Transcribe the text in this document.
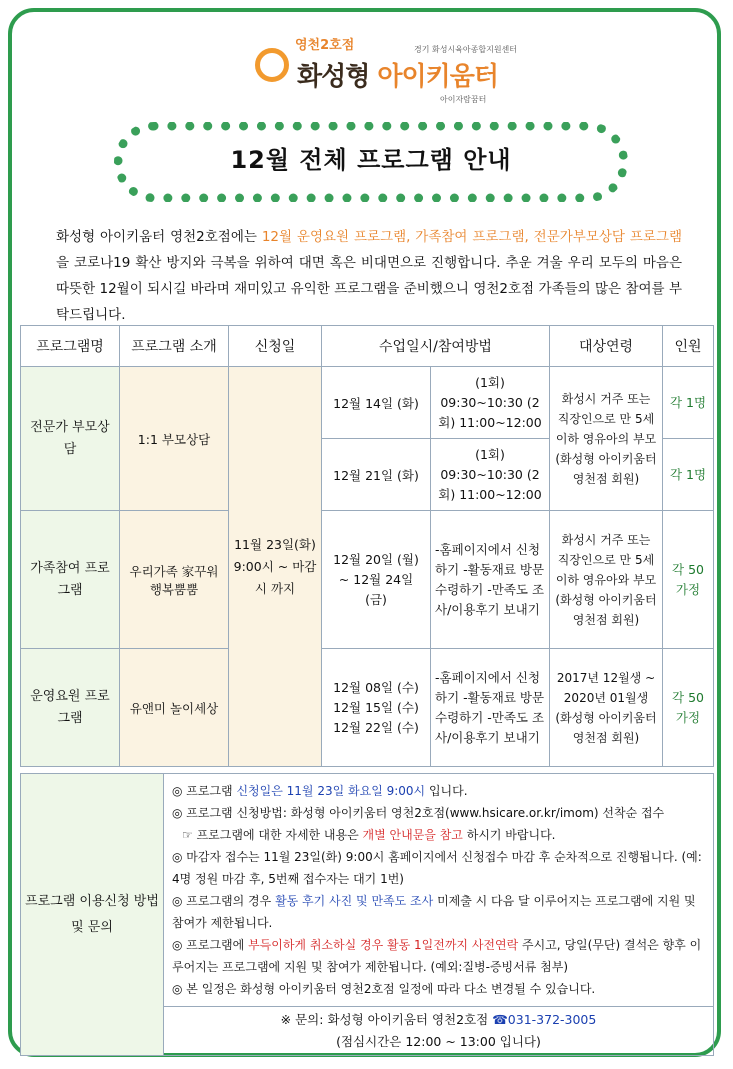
영천2호점
화성형 아이키움터
아이자람꿈터
경기 화성시육아종합지원센터
12월 전체 프로그램 안내
화성형 아이키움터 영천2호점에는 12월 운영요원 프로그램, 가족참여 프로그램, 전문가부모상담 프로그램을 코로나19 확산 방지와 극복을 위하여 대면 혹은 비대면으로 진행합니다. 추운 겨울 우리 모두의 마음은 따뜻한 12월이 되시길 바라며 재미있고 유익한 프로그램을 준비했으니 영천2호점 가족들의 많은 참여를 부탁드립니다.
프로그램명	프로그램 소개	신청일	수업일시/참여방법		대상연령	인원
전문가 부모상담	1:1 부모상담	11월 23일(화) 9:00시 ~ 마감 시 까지	12월 14일 (화)	(1회) 09:30~10:30 (2회) 11:00~12:00	화성시 거주 또는 직장인으로 만 5세 이하 영유아의 부모 (화성형 아이키움터 영천점 회원)	각 1명
			12월 21일 (화)	(1회) 09:30~10:30 (2회) 11:00~12:00		각 1명
가족참여 프로그램	우리가족 家꾸워 행복뿜뿜		12월 20일 (월) ~ 12월 24일 (금)	-홈페이지에서 신청하기 -활동재료 방문 수령하기 -만족도 조사/이용후기 보내기	화성시 거주 또는 직장인으로 만 5세 이하 영유아와 부모 (화성형 아이키움터 영천점 회원)	각 50 가정
운영요원 프로그램	유앤미 놀이세상		12월 08일 (수) 12월 15일 (수) 12월 22일 (수)	-홈페이지에서 신청하기 -활동재료 방문 수령하기 -만족도 조사/이용후기 보내기	2017년 12월생 ~ 2020년 01월생 (화성형 아이키움터 영천점 회원)	각 50 가정
프로그램 이용신청 방법 및 문의	
◎ 프로그램 신청일은 11월 23일 화요일 9:00시 입니다.
◎ 프로그램 신청방법: 화성형 아이키움터 영천2호점(www.hsicare.or.kr/imom) 선착순 접수
☞ 프로그램에 대한 자세한 내용은 개별 안내문을 참고 하시기 바랍니다.
◎ 마감자 접수는 11월 23일(화) 9:00시 홈페이지에서 신청접수 마감 후 순차적으로 진행됩니다. (예: 4명 정원 마감 후, 5번째 접수자는 대기 1번)
◎ 프로그램의 경우 활동 후기 사진 및 만족도 조사 미제출 시 다음 달 이루어지는 프로그램에 지원 및 참여가 제한됩니다.
◎ 프로그램에 부득이하게 취소하실 경우 활동 1일전까지 사전연락 주시고, 당일(무단) 결석은 향후 이루어지는 프로그램에 지원 및 참여가 제한됩니다. (예외:질병-증빙서류 첨부)
◎ 본 일정은 화성형 아이키움터 영천2호점 일정에 따라 다소 변경될 수 있습니다.

※ 문의: 화성형 아이키움터 영천2호점 ☎031-372-3005
(점심시간은 12:00 ~ 13:00 입니다)
